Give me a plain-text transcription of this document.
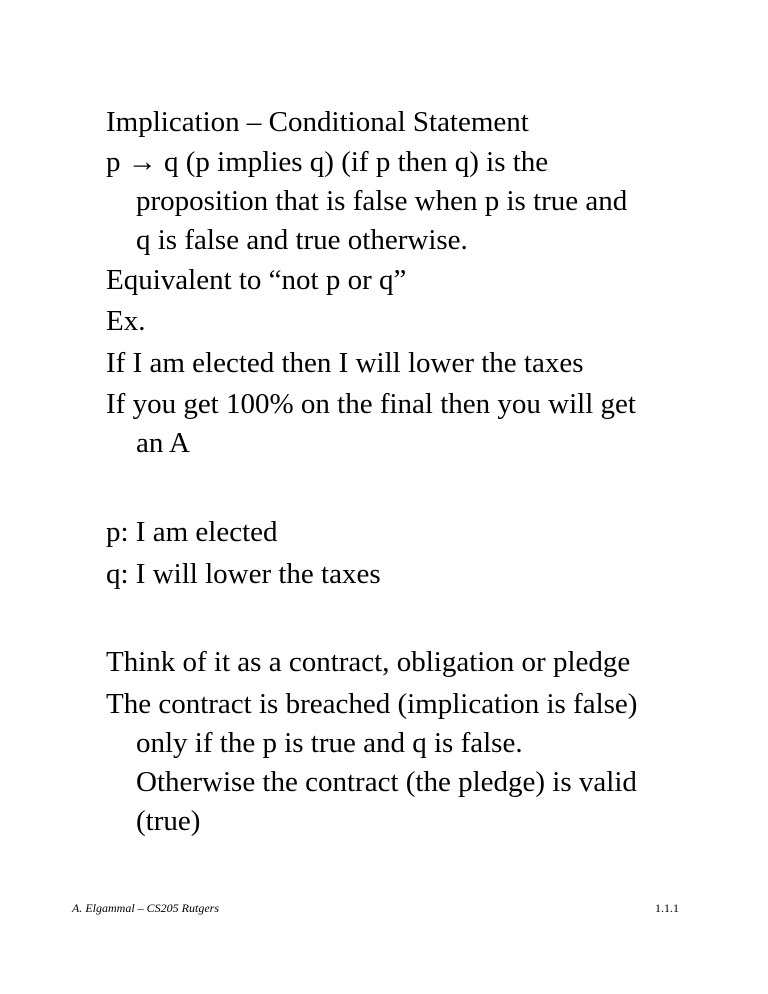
Implication – Conditional Statement
p → q (p implies q) (if p then q) is the
proposition that is false when p is true and
q is false and true otherwise.
Equivalent to “not p or q”
Ex.
If I am elected then I will lower the taxes
If you get 100% on the final then you will get
an A
p: I am elected
q: I will lower the taxes
Think of it as a contract, obligation or pledge
The contract is breached (implication is false)
only if the p is true and q is false.
Otherwise the contract (the pledge) is valid
(true)
A. Elgammal – CS205 Rutgers	1.1.1
